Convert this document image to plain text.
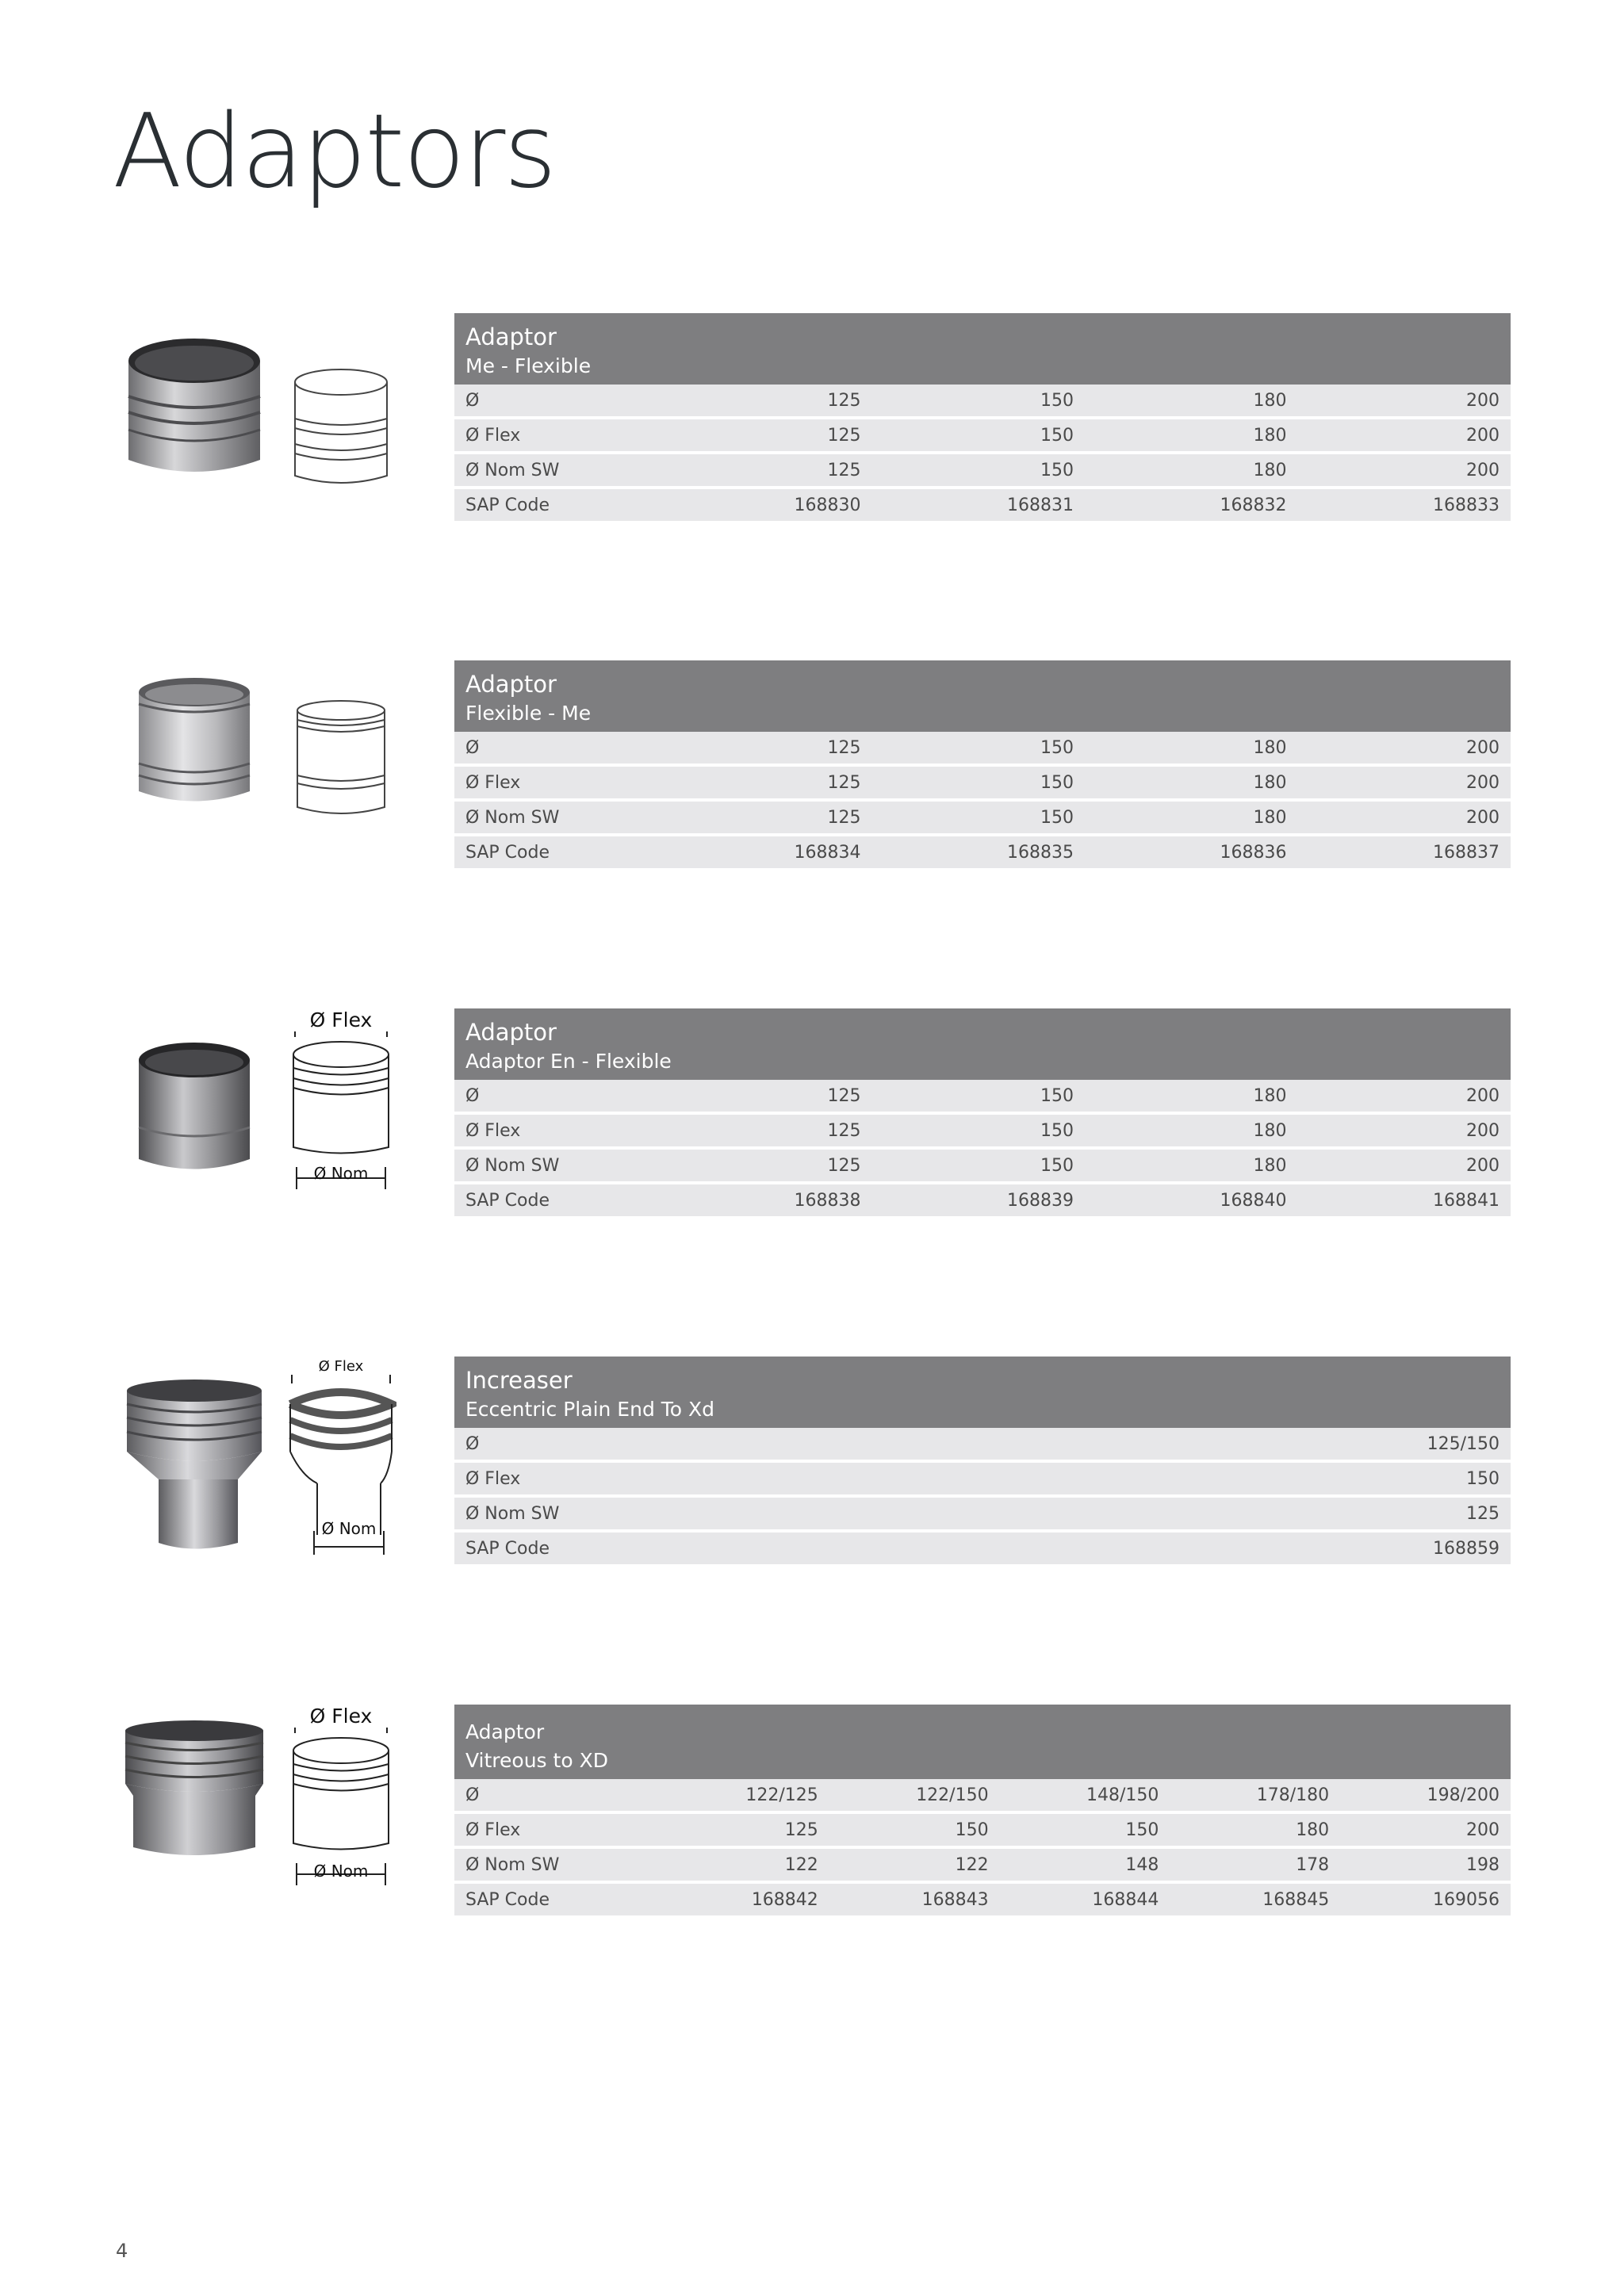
Adaptors
Adaptor
Me - Flexible				

Ø	125	150	180	200
Ø Flex	125	150	180	200
Ø Nom SW	125	150	180	200
SAP Code	168830	168831	168832	168833
Adaptor
Flexible - Me				

Ø	125	150	180	200
Ø Flex	125	150	180	200
Ø Nom SW	125	150	180	200
SAP Code	168834	168835	168836	168837
Ø Flex
Ø Nom
Adaptor
Adaptor En - Flexible				

Ø	125	150	180	200
Ø Flex	125	150	180	200
Ø Nom SW	125	150	180	200
SAP Code	168838	168839	168840	168841
Ø Flex
Ø Nom
Increaser
Eccentric Plain End To Xd	

Ø	125/150
Ø Flex	150
Ø Nom SW	125
SAP Code	168859
Ø Flex
Ø Nom
Adaptor
Vitreous to XD					

Ø	122/125	122/150	148/150	178/180	198/200
Ø Flex	125	150	150	180	200
Ø Nom SW	122	122	148	178	198
SAP Code	168842	168843	168844	168845	169056
4
